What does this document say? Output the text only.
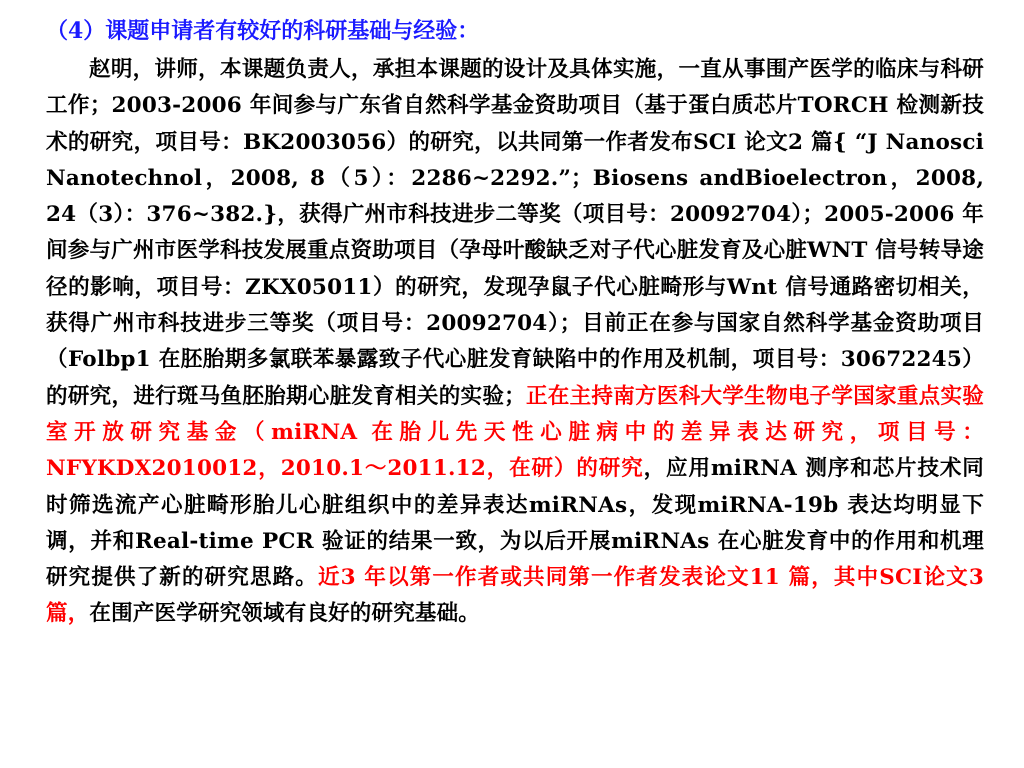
（4）课题申请者有较好的科研基础与经验：

赵明，讲师，本课题负责人，承担本课题的设计及具体实施，一直从事围产医学的临床与科研工作；2003-2006 年间参与广东省自然科学基金资助项目（基于蛋白质芯片TORCH 检测新技术的研究，项目号：BK2003056）的研究，以共同第一作者发布SCI 论文2 篇{ “J Nanosci Nanotechnol，2008, 8（5）：2286~2292.”；Biosens andBioelectron，2008, 24（3）：376~382.}，获得广州市科技进步二等奖（项目号：20092704）；2005-2006 年间参与广州市医学科技发展重点资助项目（孕母叶酸缺乏对子代心脏发育及心脏WNT 信号转导途径的影响，项目号：ZKX05011）的研究，发现孕鼠子代心脏畸形与Wnt 信号通路密切相关，获得广州市科技进步三等奖（项目号：20092704）；目前正在参与国家自然科学基金资助项目（Folbp1 在胚胎期多氯联苯暴露致子代心脏发育缺陷中的作用及机制，项目号：30672245）的研究，进行斑马鱼胚胎期心脏发育相关的实验；正在主持南方医科大学生物电子学国家重点实验室开放研究基金（miRNA 在胎儿先天性心脏病中的差异表达研究，项目号：NFYKDX2010012，2010.1～2011.12，在研）的研究，应用miRNA 测序和芯片技术同时筛选流产心脏畸形胎儿心脏组织中的差异表达miRNAs，发现miRNA-19b 表达均明显下调，并和Real-time PCR 验证的结果一致，为以后开展miRNAs 在心脏发育中的作用和机理研究提供了新的研究思路。近3 年以第一作者或共同第一作者发表论文11 篇，其中SCI论文3 篇，在围产医学研究领域有良好的研究基础。
